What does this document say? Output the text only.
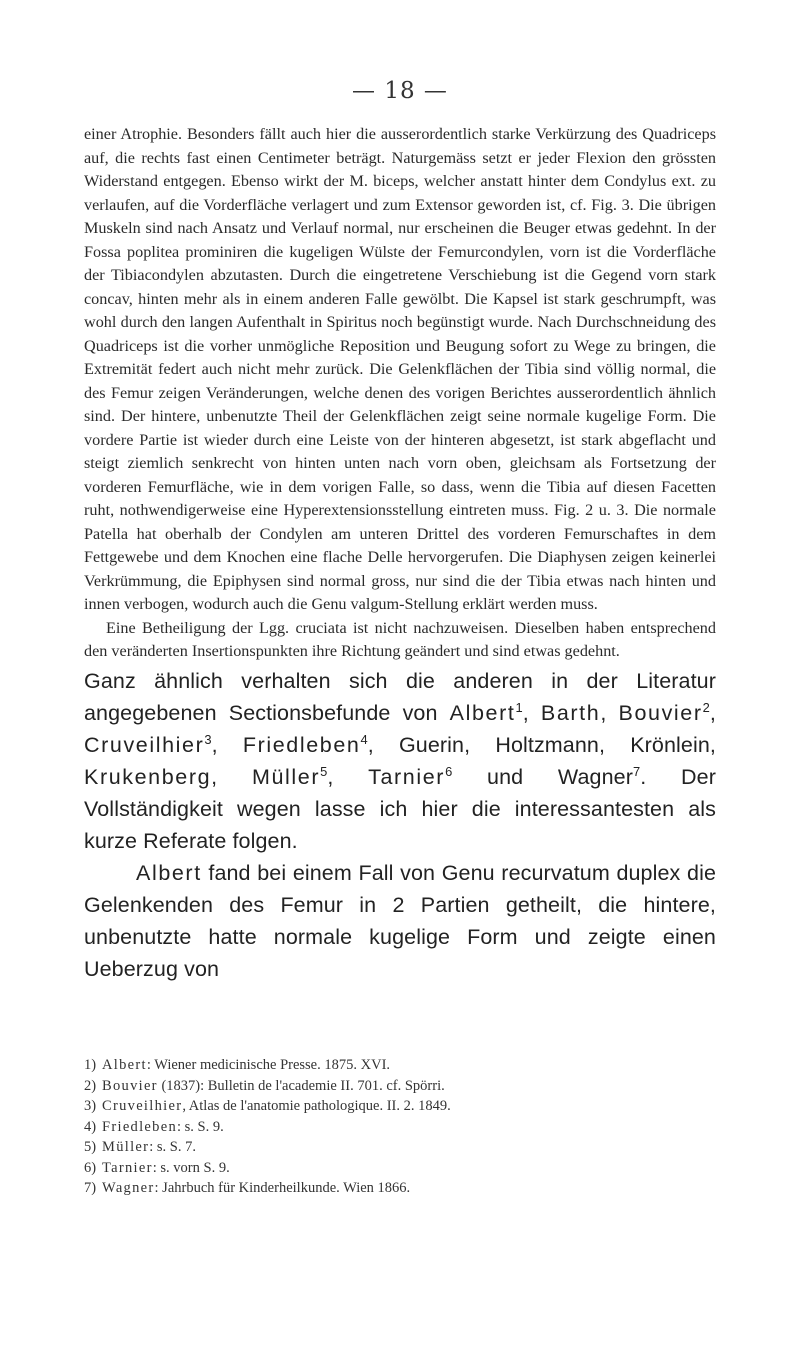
— 18 —

einer Atrophie. Besonders fällt auch hier die ausserordentlich starke Verkürzung des Quadriceps auf, die rechts fast einen Centimeter beträgt. Naturgemäss setzt er jeder Flexion den grössten Widerstand entgegen. Ebenso wirkt der M. biceps, welcher anstatt hinter dem Condylus ext. zu verlaufen, auf die Vorderfläche verlagert und zum Extensor geworden ist, cf. Fig. 3. Die übrigen Muskeln sind nach Ansatz und Verlauf normal, nur erscheinen die Beuger etwas gedehnt. In der Fossa poplitea prominiren die kugeligen Wülste der Femurcondylen, vorn ist die Vorderfläche der Tibiacondylen abzutasten. Durch die eingetretene Verschiebung ist die Gegend vorn stark concav, hinten mehr als in einem anderen Falle gewölbt. Die Kapsel ist stark geschrumpft, was wohl durch den langen Aufenthalt in Spiritus noch begünstigt wurde. Nach Durchschneidung des Quadriceps ist die vorher unmögliche Reposition und Beugung sofort zu Wege zu bringen, die Extremität federt auch nicht mehr zurück. Die Gelenkflächen der Tibia sind völlig normal, die des Femur zeigen Veränderungen, welche denen des vorigen Berichtes ausserordentlich ähnlich sind. Der hintere, unbenutzte Theil der Gelenkflächen zeigt seine normale kugelige Form. Die vordere Partie ist wieder durch eine Leiste von der hinteren abgesetzt, ist stark abgeflacht und steigt ziemlich senkrecht von hinten unten nach vorn oben, gleichsam als Fortsetzung der vorderen Femurfläche, wie in dem vorigen Falle, so dass, wenn die Tibia auf diesen Facetten ruht, nothwendigerweise eine Hyperextensionsstellung eintreten muss. Fig. 2 u. 3. Die normale Patella hat oberhalb der Condylen am unteren Drittel des vorderen Femurschaftes in dem Fettgewebe und dem Knochen eine flache Delle hervorgerufen. Die Diaphysen zeigen keinerlei Verkrümmung, die Epiphysen sind normal gross, nur sind die der Tibia etwas nach hinten und innen verbogen, wodurch auch die Genu valgum-Stellung erklärt werden muss.

Eine Betheiligung der Lgg. cruciata ist nicht nachzuweisen. Dieselben haben entsprechend den veränderten Insertionspunkten ihre Richtung geändert und sind etwas gedehnt.

Ganz ähnlich verhalten sich die anderen in der Literatur angegebenen Sectionsbefunde von Albert$^1$, Barth, Bouvier$^2$, Cruveilhier$^3$, Friedleben$^4$, Guerin, Holtzmann, Krönlein, Krukenberg, Müller$^5$, Tarnier$^6$ und Wagner$^7$. Der Vollständigkeit wegen lasse ich hier die interessantesten als kurze Referate folgen.

Albert fand bei einem Fall von Genu recurvatum duplex die Gelenkenden des Femur in 2 Partien getheilt, die hintere, unbenutzte hatte normale kugelige Form und zeigte einen Ueberzug von

1) Albert: Wiener medicinische Presse. 1875. XVI.

2) Bouvier (1837): Bulletin de l'academie II. 701. cf. Spörri.

3) Cruveilhier, Atlas de l'anatomie pathologique. II. 2. 1849.

4) Friedleben: s. S. 9.

5) Müller: s. S. 7.

6) Tarnier: s. vorn S. 9.

7) Wagner: Jahrbuch für Kinderheilkunde. Wien 1866.
